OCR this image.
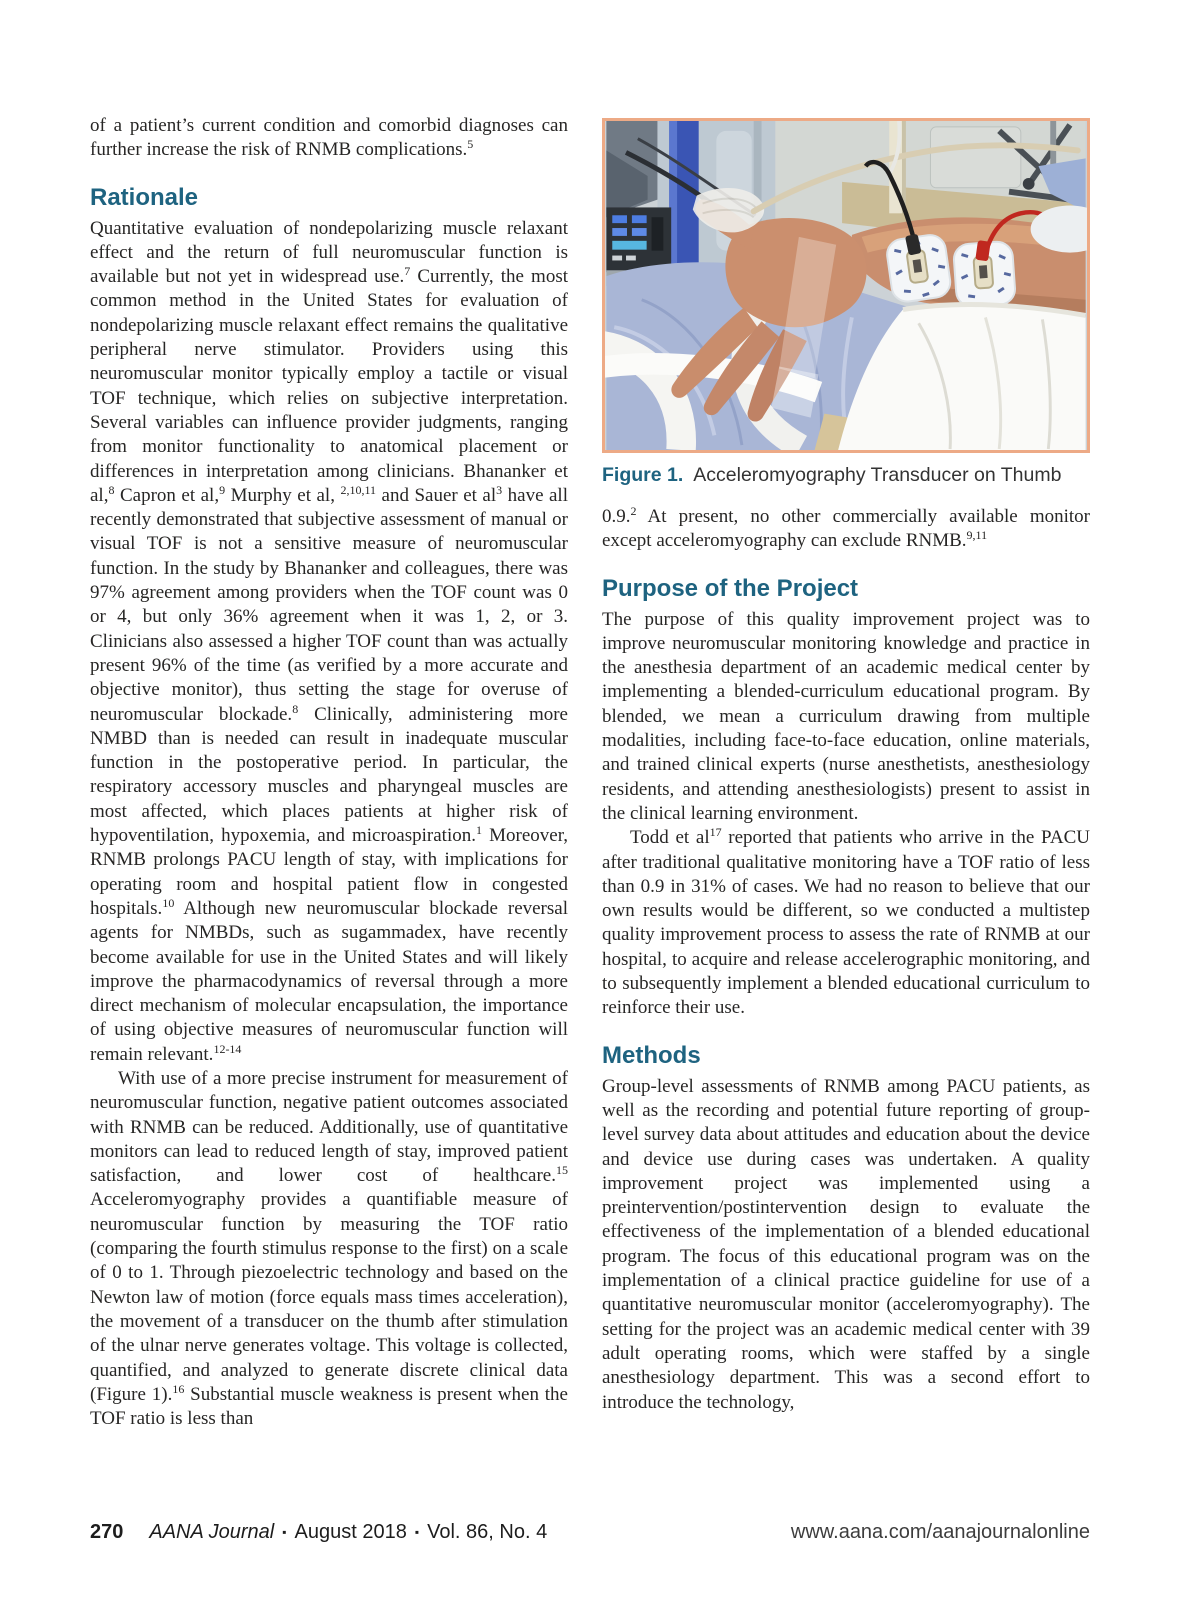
of a patient’s current condition and comorbid diagnoses can further increase the risk of RNMB complications.$^5$

Rationale

Quantitative evaluation of nondepolarizing muscle relaxant effect and the return of full neuromuscular function is available but not yet in widespread use.$^7$ Currently, the most common method in the United States for evaluation of nondepolarizing muscle relaxant effect remains the qualitative peripheral nerve stimulator. Providers using this neuromuscular monitor typically employ a tactile or visual TOF technique, which relies on subjective interpretation. Several variables can influence provider judgments, ranging from monitor functionality to anatomical placement or differences in interpretation among clinicians. Bhananker et al,$^8$ Capron et al,$^9$ Murphy et al, $^{2,10,11}$ and Sauer et $al^3$ have all recently demonstrated that subjective assessment of manual or visual TOF is not a sensitive measure of neuromuscular function. In the study by Bhananker and colleagues, there was 97% agreement among providers when the TOF count was 0 or 4, but only 36% agreement when it was 1, 2, or 3. Clinicians also assessed a higher TOF count than was actually present 96% of the time (as verified by a more accurate and objective monitor), thus setting the stage for overuse of neuromuscular blockade.$^8$ Clinically, administering more NMBD than is needed can result in inadequate muscular function in the postoperative period. In particular, the respiratory accessory muscles and pharyngeal muscles are most affected, which places patients at higher risk of hypoventilation, hypoxemia, and microaspiration.$^1$ Moreover, RNMB prolongs PACU length of stay, with implications for operating room and hospital patient flow in congested hospitals.$^{10}$ Although new neuromuscular blockade reversal agents for NMBDs, such as sugammadex, have recently become available for use in the United States and will likely improve the pharmacodynamics of reversal through a more direct mechanism of molecular encapsulation, the importance of using objective measures of neuromuscular function will remain relevant.$^{12-14}$

With use of a more precise instrument for measurement of neuromuscular function, negative patient outcomes associated with RNMB can be reduced. Additionally, use of quantitative monitors can lead to reduced length of stay, improved patient satisfaction, and lower cost of healthcare.$^{15}$ Acceleromyography provides a quantifiable measure of neuromuscular function by measuring the TOF ratio (comparing the fourth stimulus response to the first) on a scale of 0 to 1. Through piezoelectric technology and based on the Newton law of motion (force equals mass times acceleration), the movement of a transducer on the thumb after stimulation of the ulnar nerve generates voltage. This voltage is collected, quantified, and analyzed to generate discrete clinical data (Figure 1).$^{16}$ Substantial muscle weakness is present when the TOF ratio is less than

Figure 1. Acceleromyography Transducer on Thumb

0.9.$^2$ At present, no other commercially available monitor except acceleromyography can exclude RNMB.$^{9,11}$

Purpose of the Project

The purpose of this quality improvement project was to improve neuromuscular monitoring knowledge and practice in the anesthesia department of an academic medical center by implementing a blended-curriculum educational program. By blended, we mean a curriculum drawing from multiple modalities, including face-to-face education, online materials, and trained clinical experts (nurse anesthetists, anesthesiology residents, and attending anesthesiologists) present to assist in the clinical learning environment.

Todd et $al^{17}$ reported that patients who arrive in the PACU after traditional qualitative monitoring have a TOF ratio of less than 0.9 in 31% of cases. We had no reason to believe that our own results would be different, so we conducted a multistep quality improvement process to assess the rate of RNMB at our hospital, to acquire and release accelerographic monitoring, and to subsequently implement a blended educational curriculum to reinforce their use.

Methods

Group-level assessments of RNMB among PACU patients, as well as the recording and potential future reporting of group-level survey data about attitudes and education about the device and device use during cases was undertaken. A quality improvement project was implemented using a preintervention/postintervention design to evaluate the effectiveness of the implementation of a blended educational program. The focus of this educational program was on the implementation of a clinical practice guideline for use of a quantitative neuromuscular monitor (acceleromyography). The setting for the project was an academic medical center with 39 adult operating rooms, which were staffed by a single anesthesiology department. This was a second effort to introduce the technology,

270 AANA Journal ▪ August 2018 ▪ Vol. 86, No. 4	www.aana.com/aanajournalonline
